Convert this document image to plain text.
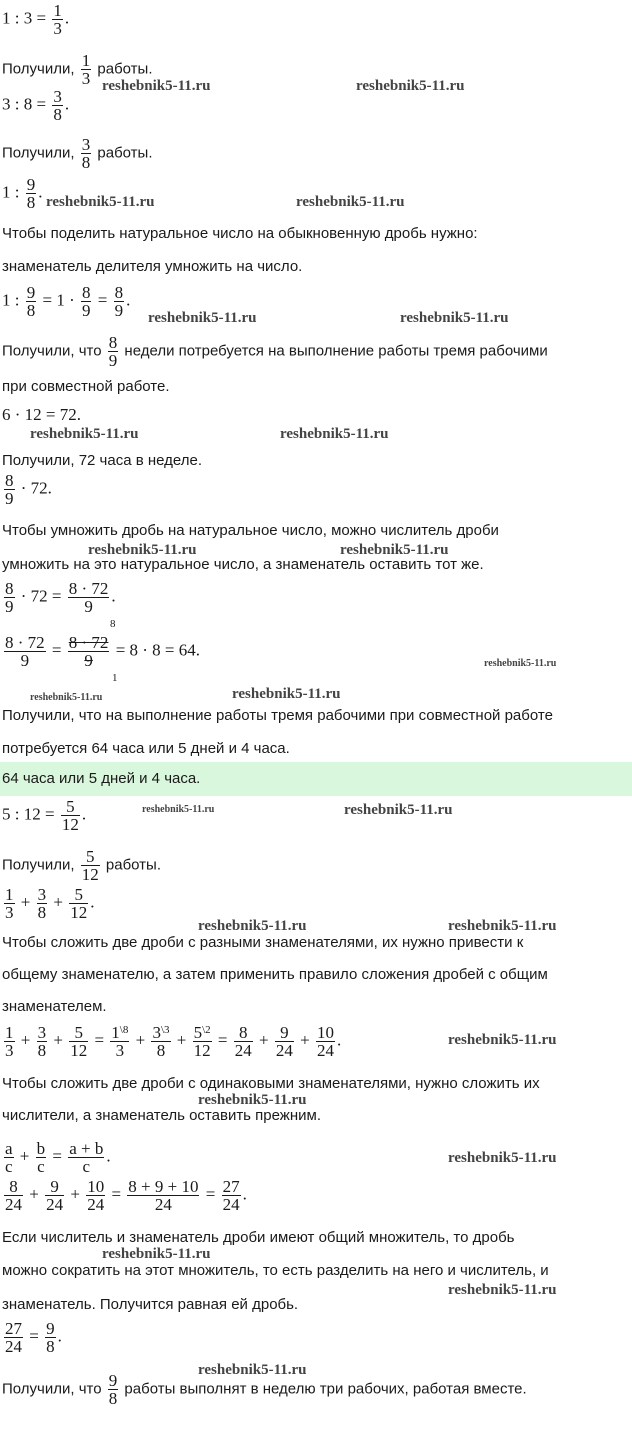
1 : $3 = \frac{1}{3}$ .
Получили, $\frac{1}{3}$ работы.
reshebnik5-11.ru	reshebnik5-11.ru
3 : $8 = \frac{3}{8}$ .
Получили, $\frac{3}{8}$ работы.
1 : $\frac{9}{8}$ .
reshebnik5-11.ru	reshebnik5-11.ru
Чтобы поделить натуральное число на обыкновенную дробь нужно:
знаменатель делителя умножить на число.
1 : $\frac{9}{8} = 1 \cdot \frac{8}{9} = \frac{8}{9}$ .
reshebnik5-11.ru	reshebnik5-11.ru
Получили, что $\frac{8}{9}$ недели потребуется на выполнение работы тремя рабочими
при совместной работе.
6 · 12 = 72.
reshebnik5-11.ru	reshebnik5-11.ru
Получили, 72 часа в неделе.
$\frac{8}{9} \cdot 72$.
Чтобы умножить дробь на натуральное число, можно числитель дроби
reshebnik5-11.ru	reshebnik5-11.ru
умножить на это натуральное число, а знаменатель оставить тот же.
$\frac{8}{9} \cdot 72 = \frac{8 \cdot 72}{9}$ .
$\frac{8 \cdot 72}{9} = \frac{8 \cdot 72}{9} = 8 \cdot 8 = 64$.
8
1
reshebnik5-11.ru
reshebnik5-11.ru	reshebnik5-11.ru
Получили, что на выполнение работы тремя рабочими при совместной работе
потребуется 64 часа или 5 дней и 4 часа.
64 часа или 5 дней и 4 часа.
5 : $12 = \frac{5}{12}$ .	reshebnik5-11.ru	reshebnik5-11.ru
Получили, $\frac{5}{12}$ работы.
$\frac{1}{3} + \frac{3}{8} + \frac{5}{12}$ .
reshebnik5-11.ru	reshebnik5-11.ru
Чтобы сложить две дроби с разными знаменателями, их нужно привести к
общему знаменателю, а затем применить правило сложения дробей с общим
знаменателем.
$\frac{1}{3} + \frac{3}{8} + \frac{5}{12} = \frac{1^{\backslash 8}}{3} + \frac{3^{\backslash 3}}{8} + \frac{5^{\backslash 2}}{12} = \frac{8}{24} + \frac{9}{24} + \frac{10}{24}$ .	reshebnik5-11.ru
Чтобы сложить две дроби с одинаковыми знаменателями, нужно сложить их
reshebnik5-11.ru
числители, а знаменатель оставить прежним.
$\frac{a}{c} + \frac{b}{c} = \frac{a + b}{c}$ .	reshebnik5-11.ru
$\frac{8}{24} + \frac{9}{24} + \frac{10}{24} = \frac{8 + 9 + 10}{24} = \frac{27}{24}$ .
Если числитель и знаменатель дроби имеют общий множитель, то дробь
reshebnik5-11.ru
можно сократить на этот множитель, то есть разделить на него и числитель, и
reshebnik5-11.ru
знаменатель. Получится равная ей дробь.
$\frac{27}{24} = \frac{9}{8}$ .
reshebnik5-11.ru
Получили, что $\frac{9}{8}$ работы выполнят в неделю три рабочих, работая вместе.
